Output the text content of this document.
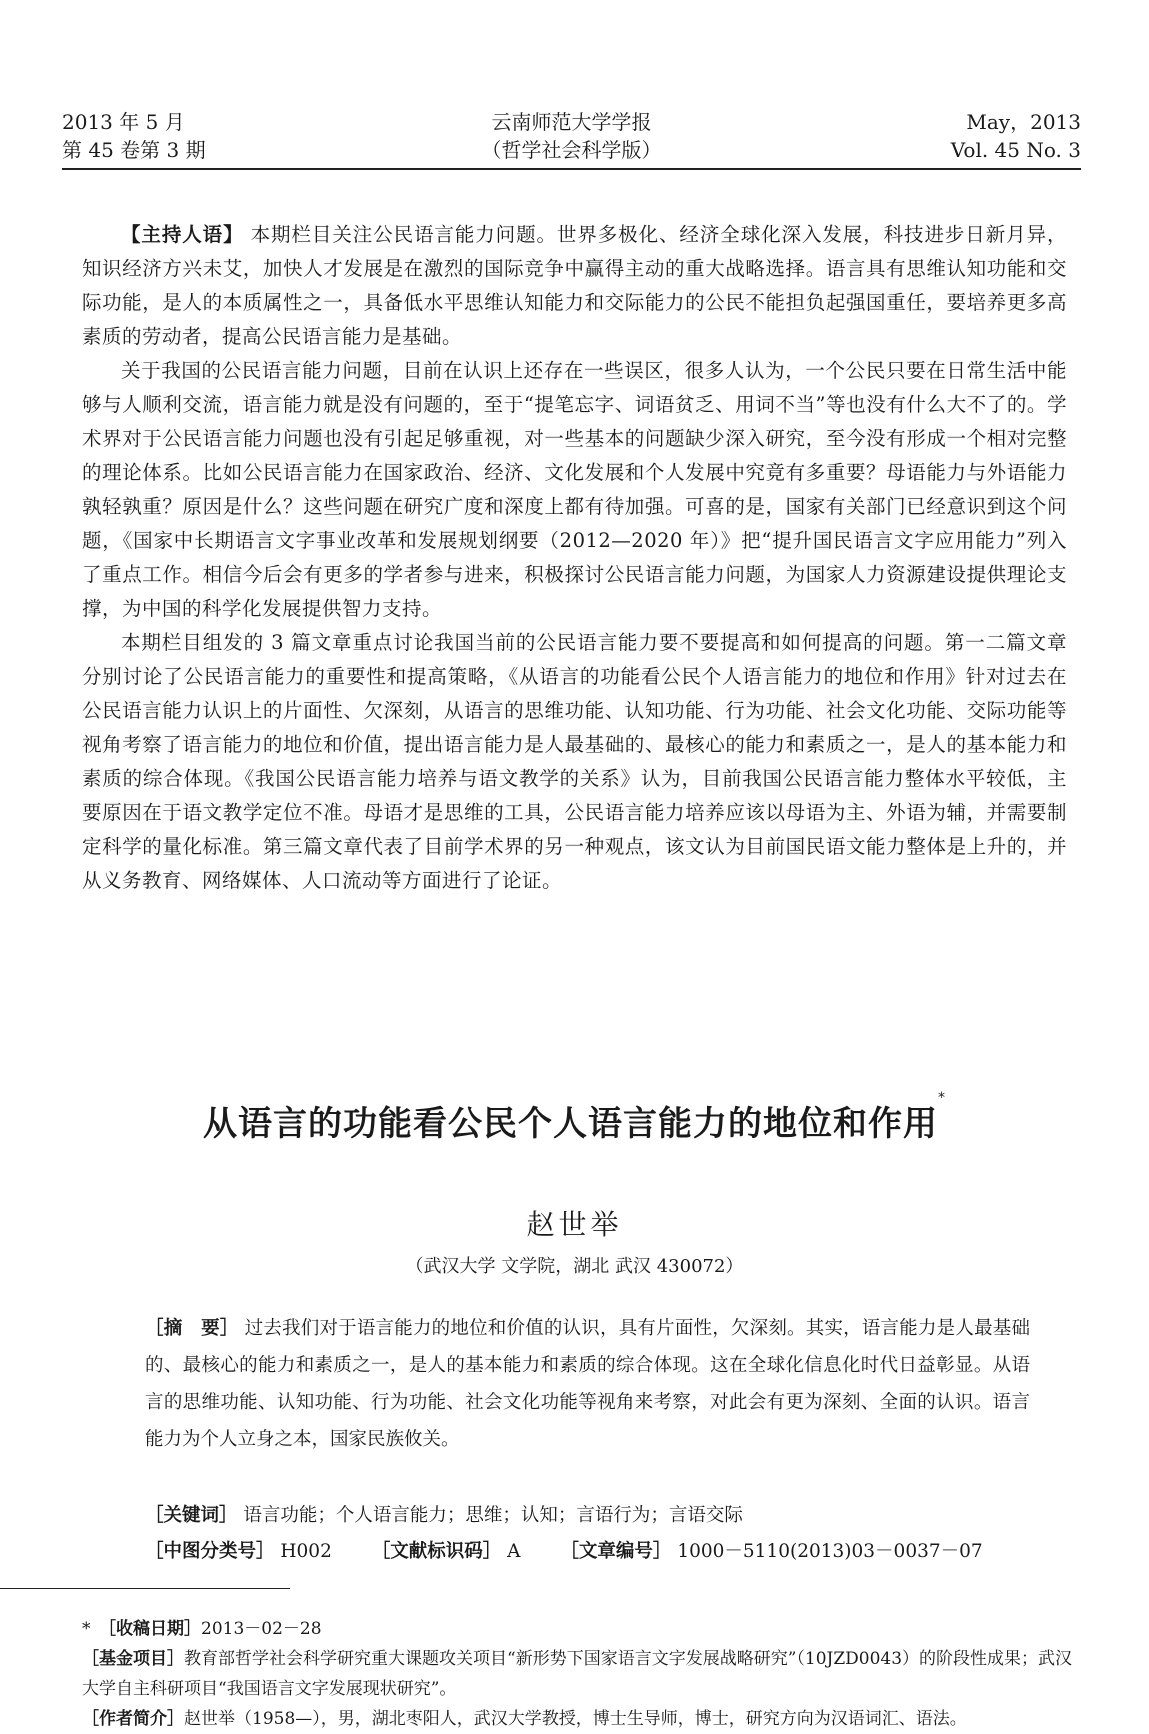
2013 年 5 月
第 45 卷第 3 期
云南师范大学学报
（哲学社会科学版）
May，2013
Vol. 45 No. 3

【主持人语】 本期栏目关注公民语言能力问题。世界多极化、经济全球化深入发展，科技进步日新月异，知识经济方兴未艾，加快人才发展是在激烈的国际竞争中赢得主动的重大战略选择。语言具有思维认知功能和交际功能，是人的本质属性之一，具备低水平思维认知能力和交际能力的公民不能担负起强国重任，要培养更多高素质的劳动者，提高公民语言能力是基础。

关于我国的公民语言能力问题，目前在认识上还存在一些误区，很多人认为，一个公民只要在日常生活中能够与人顺利交流，语言能力就是没有问题的，至于“提笔忘字、词语贫乏、用词不当”等也没有什么大不了的。学术界对于公民语言能力问题也没有引起足够重视，对一些基本的问题缺少深入研究，至今没有形成一个相对完整的理论体系。比如公民语言能力在国家政治、经济、文化发展和个人发展中究竟有多重要？母语能力与外语能力孰轻孰重？原因是什么？这些问题在研究广度和深度上都有待加强。可喜的是，国家有关部门已经意识到这个问题，《国家中长期语言文字事业改革和发展规划纲要（2012—2020 年）》把“提升国民语言文字应用能力”列入了重点工作。相信今后会有更多的学者参与进来，积极探讨公民语言能力问题，为国家人力资源建设提供理论支撑，为中国的科学化发展提供智力支持。

本期栏目组发的 3 篇文章重点讨论我国当前的公民语言能力要不要提高和如何提高的问题。第一二篇文章分别讨论了公民语言能力的重要性和提高策略，《从语言的功能看公民个人语言能力的地位和作用》针对过去在公民语言能力认识上的片面性、欠深刻，从语言的思维功能、认知功能、行为功能、社会文化功能、交际功能等视角考察了语言能力的地位和价值，提出语言能力是人最基础的、最核心的能力和素质之一，是人的基本能力和素质的综合体现。《我国公民语言能力培养与语文教学的关系》认为，目前我国公民语言能力整体水平较低，主要原因在于语文教学定位不准。母语才是思维的工具，公民语言能力培养应该以母语为主、外语为辅，并需要制定科学的量化标准。第三篇文章代表了目前学术界的另一种观点，该文认为目前国民语文能力整体是上升的，并从义务教育、网络媒体、人口流动等方面进行了论证。

从语言的功能看公民个人语言能力的地位和作用*
赵世举
（武汉大学 文学院，湖北 武汉 430072）

［摘　要］ 过去我们对于语言能力的地位和价值的认识，具有片面性，欠深刻。其实，语言能力是人最基础的、最核心的能力和素质之一，是人的基本能力和素质的综合体现。这在全球化信息化时代日益彰显。从语言的思维功能、认知功能、行为功能、社会文化功能等视角来考察，对此会有更为深刻、全面的认识。语言能力为个人立身之本，国家民族攸关。

［关键词］ 语言功能；个人语言能力；思维；认知；言语行为；言语交际
［中图分类号］ H002 ［文献标识码］ A ［文章编号］ 1000－5110(2013)03－0037－07

*　 ［收稿日期］2013－02－28

［基金项目］教育部哲学社会科学研究重大课题攻关项目“新形势下国家语言文字发展战略研究”（10JZD0043）的阶段性成果；武汉大学自主科研项目“我国语言文字发展现状研究”。

［作者简介］赵世举（1958—），男，湖北枣阳人，武汉大学教授，博士生导师，博士，研究方向为汉语词汇、语法。
